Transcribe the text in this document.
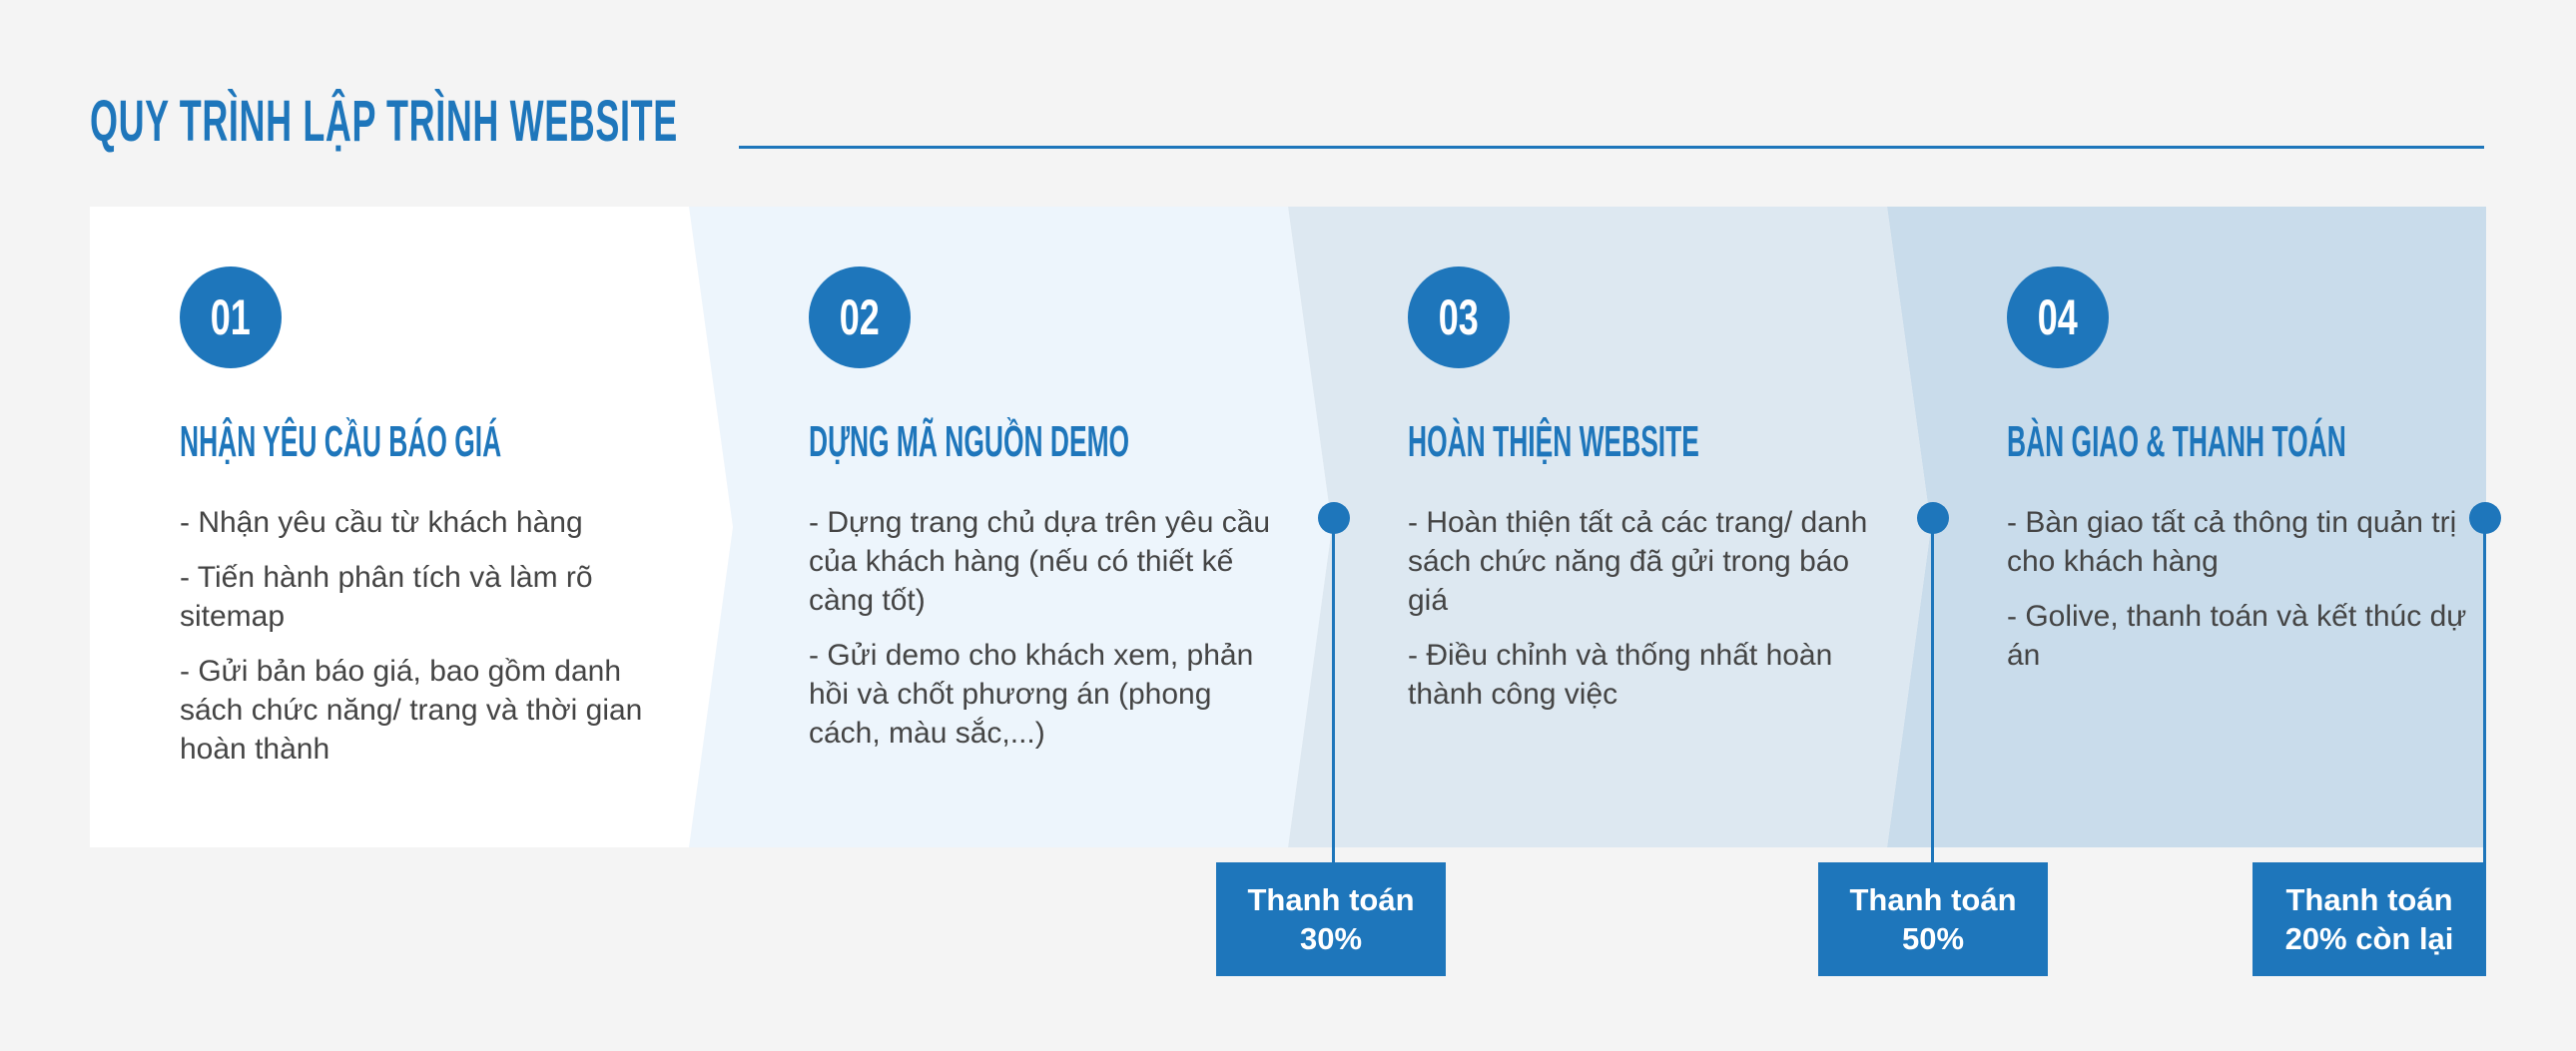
QUY TRÌNH LẬP TRÌNH WEBSITE
01
NHẬN YÊU CẦU BÁO GIÁ
- Nhận yêu cầu từ khách hàng
- Tiến hành phân tích và làm rõ sitemap
- Gửi bản báo giá, bao gồm danh sách chức năng/ trang và thời gian hoàn thành
02
DỰNG MÃ NGUỒN DEMO
- Dựng trang chủ dựa trên yêu cầu của khách hàng (nếu có thiết kế càng tốt)
- Gửi demo cho khách xem, phản hồi và chốt phương án (phong cách, màu sắc,...)
03
HOÀN THIỆN WEBSITE
- Hoàn thiện tất cả các trang/ danh sách chức năng đã gửi trong báo giá
- Điều chỉnh và thống nhất hoàn thành công việc
04
BÀN GIAO & THANH TOÁN
- Bàn giao tất cả thông tin quản trị cho khách hàng
- Golive, thanh toán và kết thúc dự án
Thanh toán
30%
Thanh toán
50%
Thanh toán
20% còn lại
